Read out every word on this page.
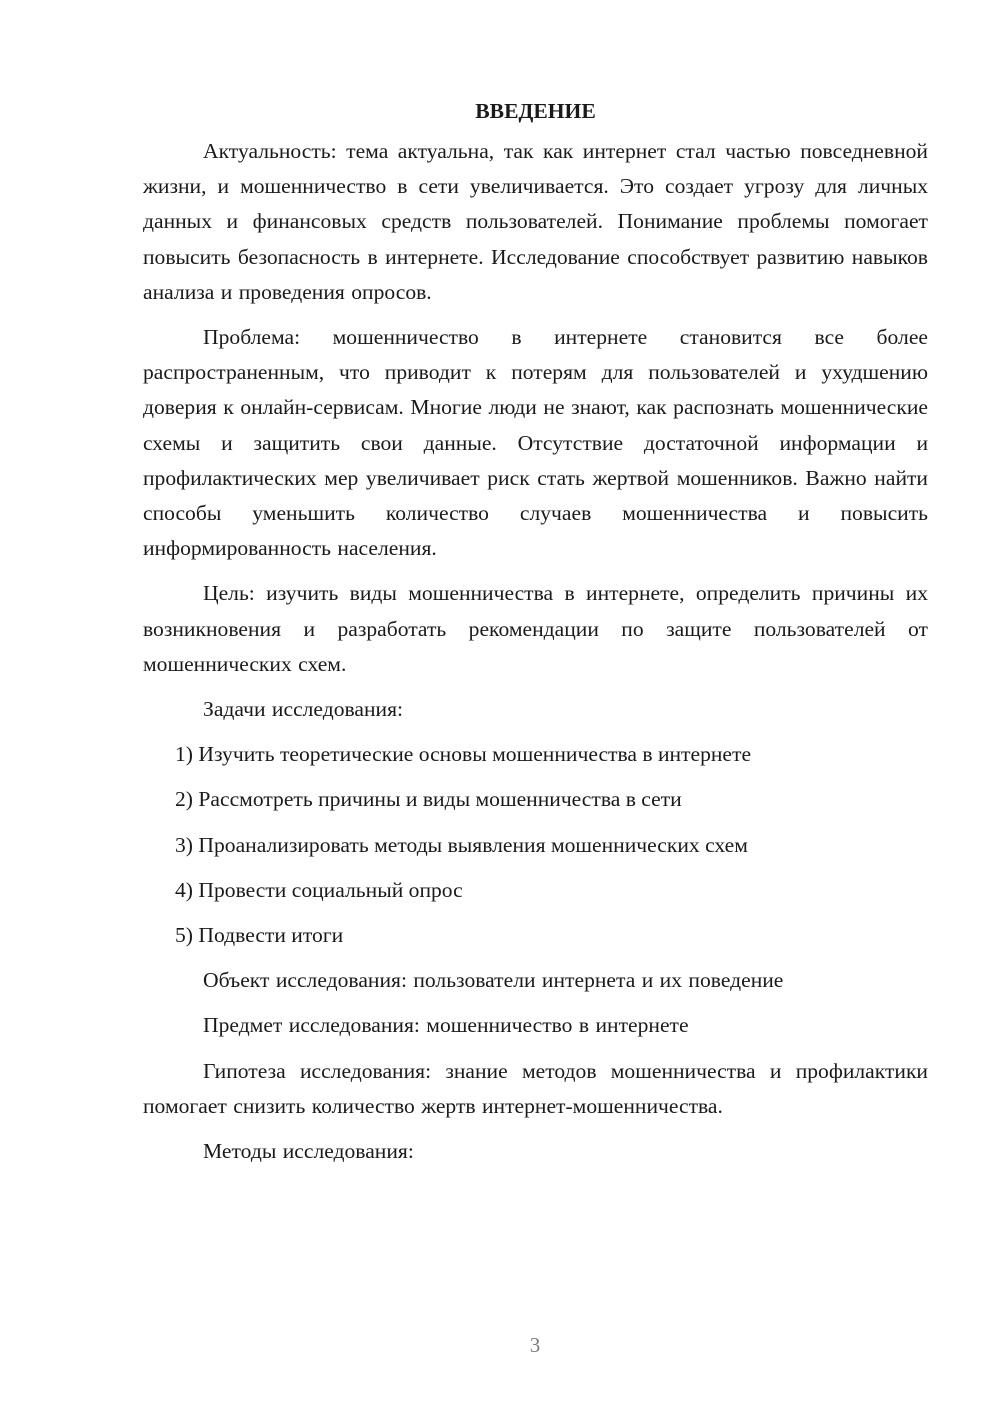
ВВЕДЕНИЕ

Актуальность: тема актуальна, так как интернет стал частью повседневной жизни, и мошенничество в сети увеличивается. Это создает угрозу для личных данных и финансовых средств пользователей. Понимание проблемы помогает повысить безопасность в интернете. Исследование способствует развитию навыков анализа и проведения опросов.

Проблема: мошенничество в интернете становится все более распространенным, что приводит к потерям для пользователей и ухудшению доверия к онлайн-сервисам. Многие люди не знают, как распознать мошеннические схемы и защитить свои данные. Отсутствие достаточной информации и профилактических мер увеличивает риск стать жертвой мошенников. Важно найти способы уменьшить количество случаев мошенничества и повысить информированность населения.

Цель: изучить виды мошенничества в интернете, определить причины их возникновения и разработать рекомендации по защите пользователей от мошеннических схем.

Задачи исследования:

1) Изучить теоретические основы мошенничества в интернете
2) Рассмотреть причины и виды мошенничества в сети
3) Проанализировать методы выявления мошеннических схем
4) Провести социальный опрос
5) Подвести итоги

Объект исследования: пользователи интернета и их поведение

Предмет исследования: мошенничество в интернете

Гипотеза исследования: знание методов мошенничества и профилактики помогает снизить количество жертв интернет-мошенничества.

Методы исследования:

3
